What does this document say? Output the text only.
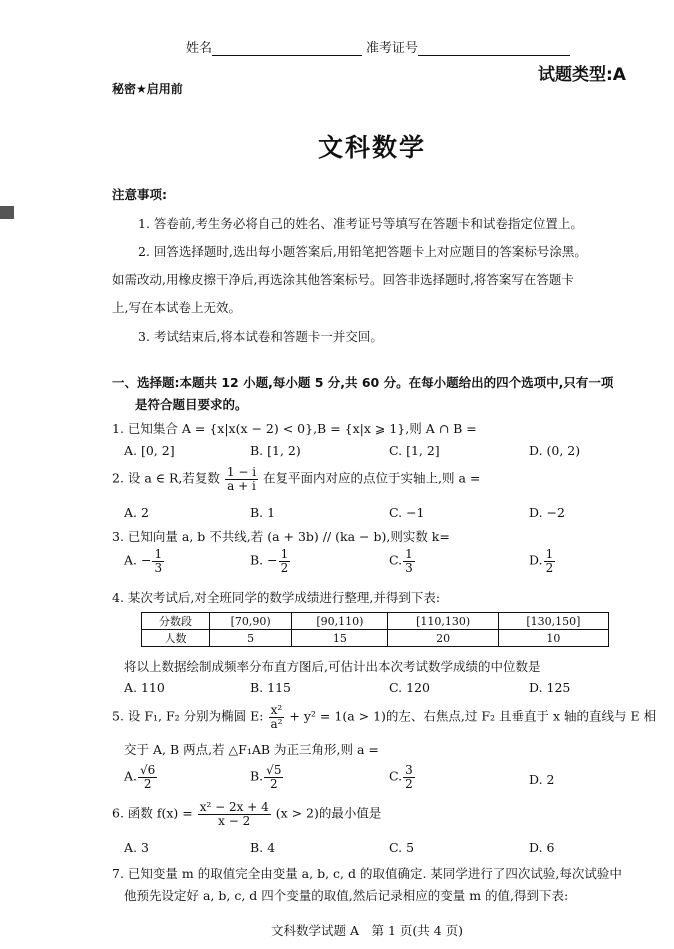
姓名	准考证号
试题类型:A
秘密★启用前
文科数学
注意事项:
1. 答卷前,考生务必将自己的姓名、准考证号等填写在答题卡和试卷指定位置上。
2. 回答选择题时,选出每小题答案后,用铅笔把答题卡上对应题目的答案标号涂黑。
如需改动,用橡皮擦干净后,再选涂其他答案标号。回答非选择题时,将答案写在答题卡
上,写在本试卷上无效。
3. 考试结束后,将本试卷和答题卡一并交回。
一、选择题:本题共 12 小题,每小题 5 分,共 60 分。在每小题给出的四个选项中,只有一项
是符合题目要求的。
1. 已知集合 A = {x|x(x − 2) < 0},B = {x|x ⩾ 1},则 A ∩ B =
A. [0, 2]	B. [1, 2)	C. [1, 2]	D. (0, 2)
2. 设 a ∈ R,若复数 $\frac{1 - i}{a + i}$ 在复平面内对应的点位于实轴上,则 a =
A. 2	B. 1	C. −1	D. −2
3. 已知向量 a, b 不共线,若 (a + 3b) // (ka − b),则实数 k=
A. − $\frac{1}{3}$	B. − $\frac{1}{2}$	C. $\frac{1}{3}$	D. $\frac{1}{2}$
4. 某次考试后,对全班同学的数学成绩进行整理,并得到下表:
分数段	[70,90)	[90,110)	[110,130)	[130,150]
人数	5	15	20	10
将以上数据绘制成频率分布直方图后,可估计出本次考试数学成绩的中位数是
A. 110	B. 115	C. 120	D. 125
5. 设 F₁, F₂ 分别为椭圆 E: $\frac{\text{x²}}{\text{a²}} + y^2 = 1(a > 1)$的左、右焦点,过 F₂ 且垂直于 x 轴的直线与 E 相
交于 A, B 两点,若 △F₁AB 为正三角形,则 a =
A. $\frac{√6}{2}$	B. $\frac{√5}{2}$	C. $\frac{3}{2}$	D. 2
6. 函数 $f(x) = \frac{\text{x² − 2x + 4}}{x - 2} (x > 2)$的最小值是
A. 3	B. 4	C. 5	D. 6
7. 已知变量 m 的取值完全由变量 a, b, c, d 的取值确定. 某同学进行了四次试验,每次试验中
他预先设定好 a, b, c, d 四个变量的取值,然后记录相应的变量 m 的值,得到下表:
文科数学试题 A　第 1 页(共 4 页)
